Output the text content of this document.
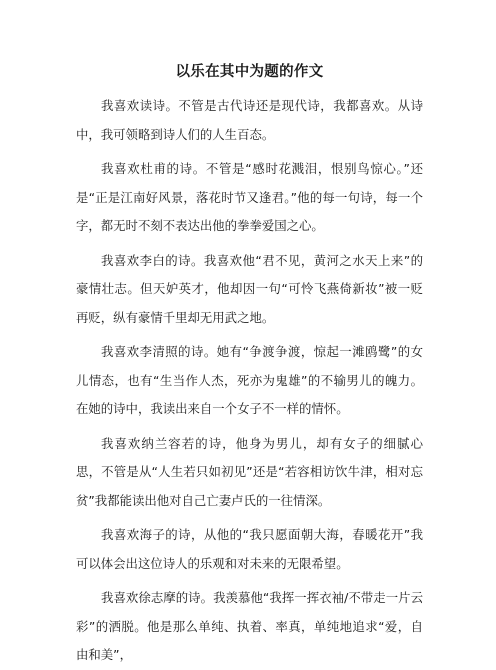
以乐在其中为题的作文

我喜欢读诗。不管是古代诗还是现代诗，我都喜欢。从诗中，我可领略到诗人们的人生百态。

我喜欢杜甫的诗。不管是“感时花溅泪，恨别鸟惊心。”还是“正是江南好风景，落花时节又逢君。”他的每一句诗，每一个字，都无时不刻不表达出他的拳拳爱国之心。

我喜欢李白的诗。我喜欢他“君不见，黄河之水天上来”的豪情壮志。但天妒英才，他却因一句“可怜飞燕倚新妆”被一贬再贬，纵有豪情千里却无用武之地。

我喜欢李清照的诗。她有“争渡争渡，惊起一滩鸥鹭”的女儿情态，也有“生当作人杰，死亦为鬼雄”的不输男儿的魄力。在她的诗中，我读出来自一个女子不一样的情怀。

我喜欢纳兰容若的诗，他身为男儿，却有女子的细腻心思，不管是从“人生若只如初见”还是“若容相访饮牛津，相对忘贫”我都能读出他对自己亡妻卢氏的一往情深。

我喜欢海子的诗，从他的“我只愿面朝大海，春暖花开”我可以体会出这位诗人的乐观和对未来的无限希望。

我喜欢徐志摩的诗。我羡慕他“我挥一挥衣袖/不带走一片云彩”的洒脱。他是那么单纯、执着、率真，单纯地追求“爱，自由和美”，
